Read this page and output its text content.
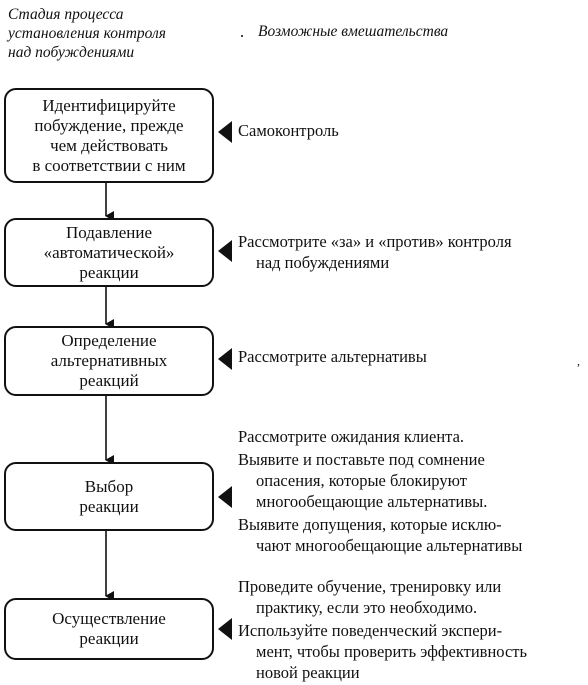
Стадия процесса
установления контроля
над побуждениями
Возможные вмешательства
Идентифицируйте
побуждение, прежде
чем действовать
в соответствии с ним
Подавление
«автоматической»
реакции
Определение
альтернативных
реакций
Выбор
реакции
Осуществление
реакции
Самоконтроль
Рассмотрите «за» и «против» контроля
над побуждениями
Рассмотрите альтернативы
Рассмотрите ожидания клиента.
Выявите и поставьте под сомнение
опасения, которые блокируют
многообещающие альтернативы.
Выявите допущения, которые исклю-
чают многообещающие альтернативы
Проведите обучение, тренировку или
практику, если это необходимо.
Используйте поведенческий экспери-
мент, чтобы проверить эффективность
новой реакции
,
